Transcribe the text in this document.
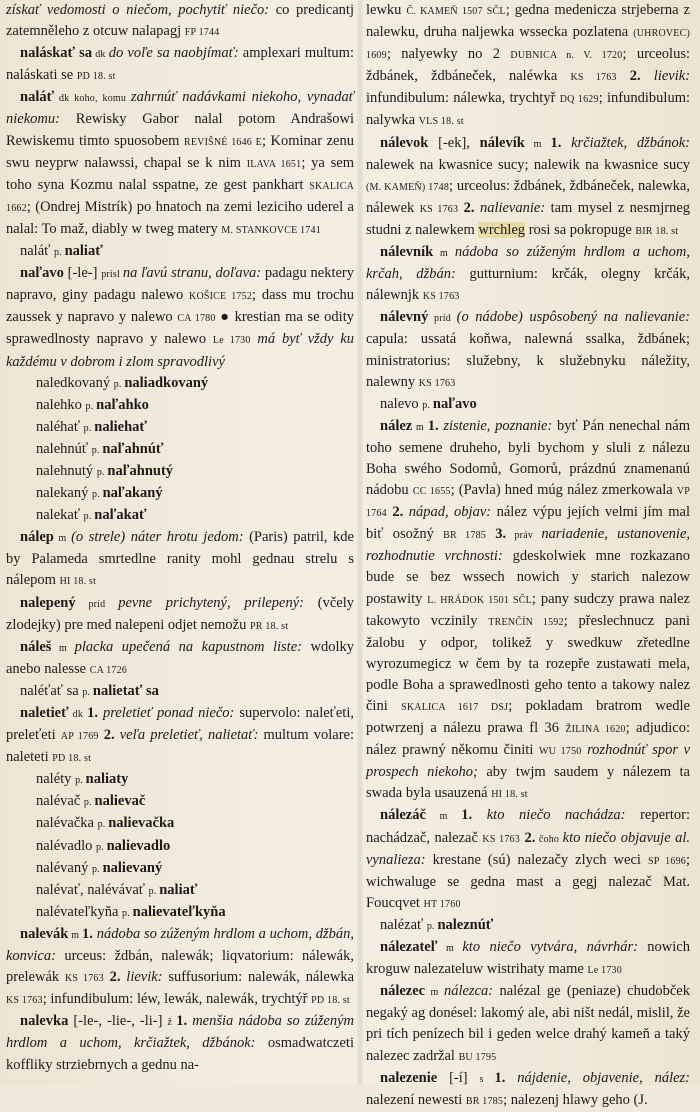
získať vedomosti o niečom, pochytiť niečo: co predicantj zatemněleho z otcuw nalapagj FP 1744

naláskať sa dk do voľe sa naobjímať: amplexari multum: naláskati se PD 18. st

naláť dk koho, komu zahrnúť nadávkami niekoho, vynadať niekomu: Rewisky Gabor nalal potom Andrašowi Rewiskemu timto spuosobem REVIŠNÉ 1646 E; Kominar zenu swu neyprw nalawssi, chapal se k nim ILAVA 1651; ya sem toho syna Kozmu nalal sspatne, ze gest pankhart SKALICA 1662; (Ondrej Mistrík) po hnatoch na zemi leziciho uderel a nalal: To maž, diably w tweg matery M. STANKOVCE 1741

naláť p. naliať

naľavo [-le-] prísl na ľavú stranu, doľava: padagu nektery napravo, giny padagu nalewo KOŠICE 1752; dass mu trochu zaussek y napravo y nalewo CA 1780 ● krestian ma se odity sprawedlnosty napravo y nalewo Le 1730 má byť vždy ku každému v dobrom i zlom spravodlivý

naledkovaný p. naliadkovaný

nalehko p. naľahko

naléhať p. naliehať

nalehnúť p. naľahnúť

nalehnutý p. naľahnutý

nalekaný p. naľakaný

nalekať p. naľakať

nálep m (o strele) náter hrotu jedom: (Paris) patril, kde by Palameda smrtedlne ranity mohl gednau strelu s nálepom HI 18. st

nalepený príd pevne prichytený, prilepený: (včely zlodejky) pre med nalepeni odjet nemožu PR 18. st

náleš m placka upečená na kapustnom liste: wdolky anebo nalesse CA 1726

naléťať sa p. nalietať sa

naletieť dk 1. preletieť ponad niečo: supervolo: naleťeti, preleťeti AP 1769 2. veľa preletieť, nalietať: multum volare: naleteti PD 18. st

naléty p. naliaty

nalévač p. nalievač

nalévačka p. nalievačka

nalévadlo p. nalievadlo

nalévaný p. nalievaný

nalévať, nalévávať p. naliať

nalévateľkyňa p. nalievateľkyňa

nalevák m 1. nádoba so zúženým hrdlom a uchom, džbán, konvica: urceus: ždbán, nalewák; liqvatorium: nálewák, prelewák KS 1763 2. lievik: suffusorium: nalewák, nálewka KS 1763; infundibulum: léw, lewák, nalewák, trychtýř PD 18. st

nalevka [-le-, -lie-, -li-] ž 1. menšia nádoba so zúženým hrdlom a uchom, krčiažtek, džbánok: osmadwatczeti koffliky strziebrnych a gednu na-

lewku Č. KAMEŇ 1507 SČL; gedna medenicza strjeberna z nalewku, druha naljewka wssecka pozlatena (UHROVEC) 1609; nalyewky no 2 DUBNICA n. V. 1720; urceolus: ždbánek, ždbáneček, naléwka KS 1763 2. lievik: infundibulum: nálewka, trychtyř DQ 1629; infundibulum: nalywka VLS 18. st

nálevok [-ek], nálevík m 1. krčiažtek, džbánok: nalewek na kwasnice sucy; nalewik na kwasnice sucy (M. KAMEŇ) 1748; urceolus: ždbánek, ždbáneček, nalewka, nálewek KS 1763 2. nalievanie: tam mysel z nesmjrneg studni z nalewkem wrchleg rosi sa pokropuge BIR 18. st

nálevník m nádoba so zúženým hrdlom a uchom, krčah, džbán: gutturnium: krčák, olegny krčák, nálewnjk KS 1763

nálevný príd (o nádobe) uspôsobený na nalievanie: capula: ussatá koňwa, nalewná ssalka, ždbánek; ministratorius: služebny, k služebnyku náležity, nalewny KS 1763

nalevo p. naľavo

nález m 1. zistenie, poznanie: byť Pán nenechal nám toho semene druheho, byli bychom y sluli z nálezu Boha swého Sodomů, Gomorů, prázdnú znamenanú nádobu CC 1655; (Pavla) hned múg nález zmerkowala VP 1764 2. nápad, objav: nález výpu jejích velmi jím mal biť osožný BR 1785 3. práv nariadenie, ustanovenie, rozhodnutie vrchnosti: gdeskolwiek mne rozkazano bude se bez wssech nowich y starich nalezow postawity L. HRÁDOK 1501 SČL; pany sudczy prawa nalez takowyto vczinily TRENČÍN 1592; přeslechnucz pani žalobu y odpor, tolikež y swedkuw zřetedlne wyrozumegicz w čem by ta rozepře zustawati mela, podle Boha a sprawedlnosti geho tento a takowy nalez čini SKALICA 1617 DSJ; pokladam bratrom wedle potwrzenj a nálezu prawa fl 36 ŽILINA 1620; adjudico: nález prawný někomu činiti WU 1750 rozhodnúť spor v prospech niekoho; aby twjm saudem y nálezem ta swada byla usauzená HI 18. st

nálezáč m 1. kto niečo nachádza: repertor: nachádzač, nalezač KS 1763 2. čoho kto niečo objavuje al. vynalieza: krestane (sú) nalezačy zlych weci SP 1696; wichwaluge se gedna mast a gegj nalezač Mat. Foucqvet HT 1760

nalézať p. naleznúť

nálezateľ m kto niečo vytvára, návrhár: nowich kroguw nalezateluw wistrihaty mame Le 1730

nálezec m nálezca: nalézal ge (peniaze) chudobček negaký ag donésel: lakomý ale, abi ništ nedál, mislil, že pri tích penízech bil i geden welce drahý kameň a taký nalezec zadržal BU 1795

nalezenie [-í] s 1. nájdenie, objavenie, nález: nalezení newesti BR 1785; nalezenj hlawy geho (J.
